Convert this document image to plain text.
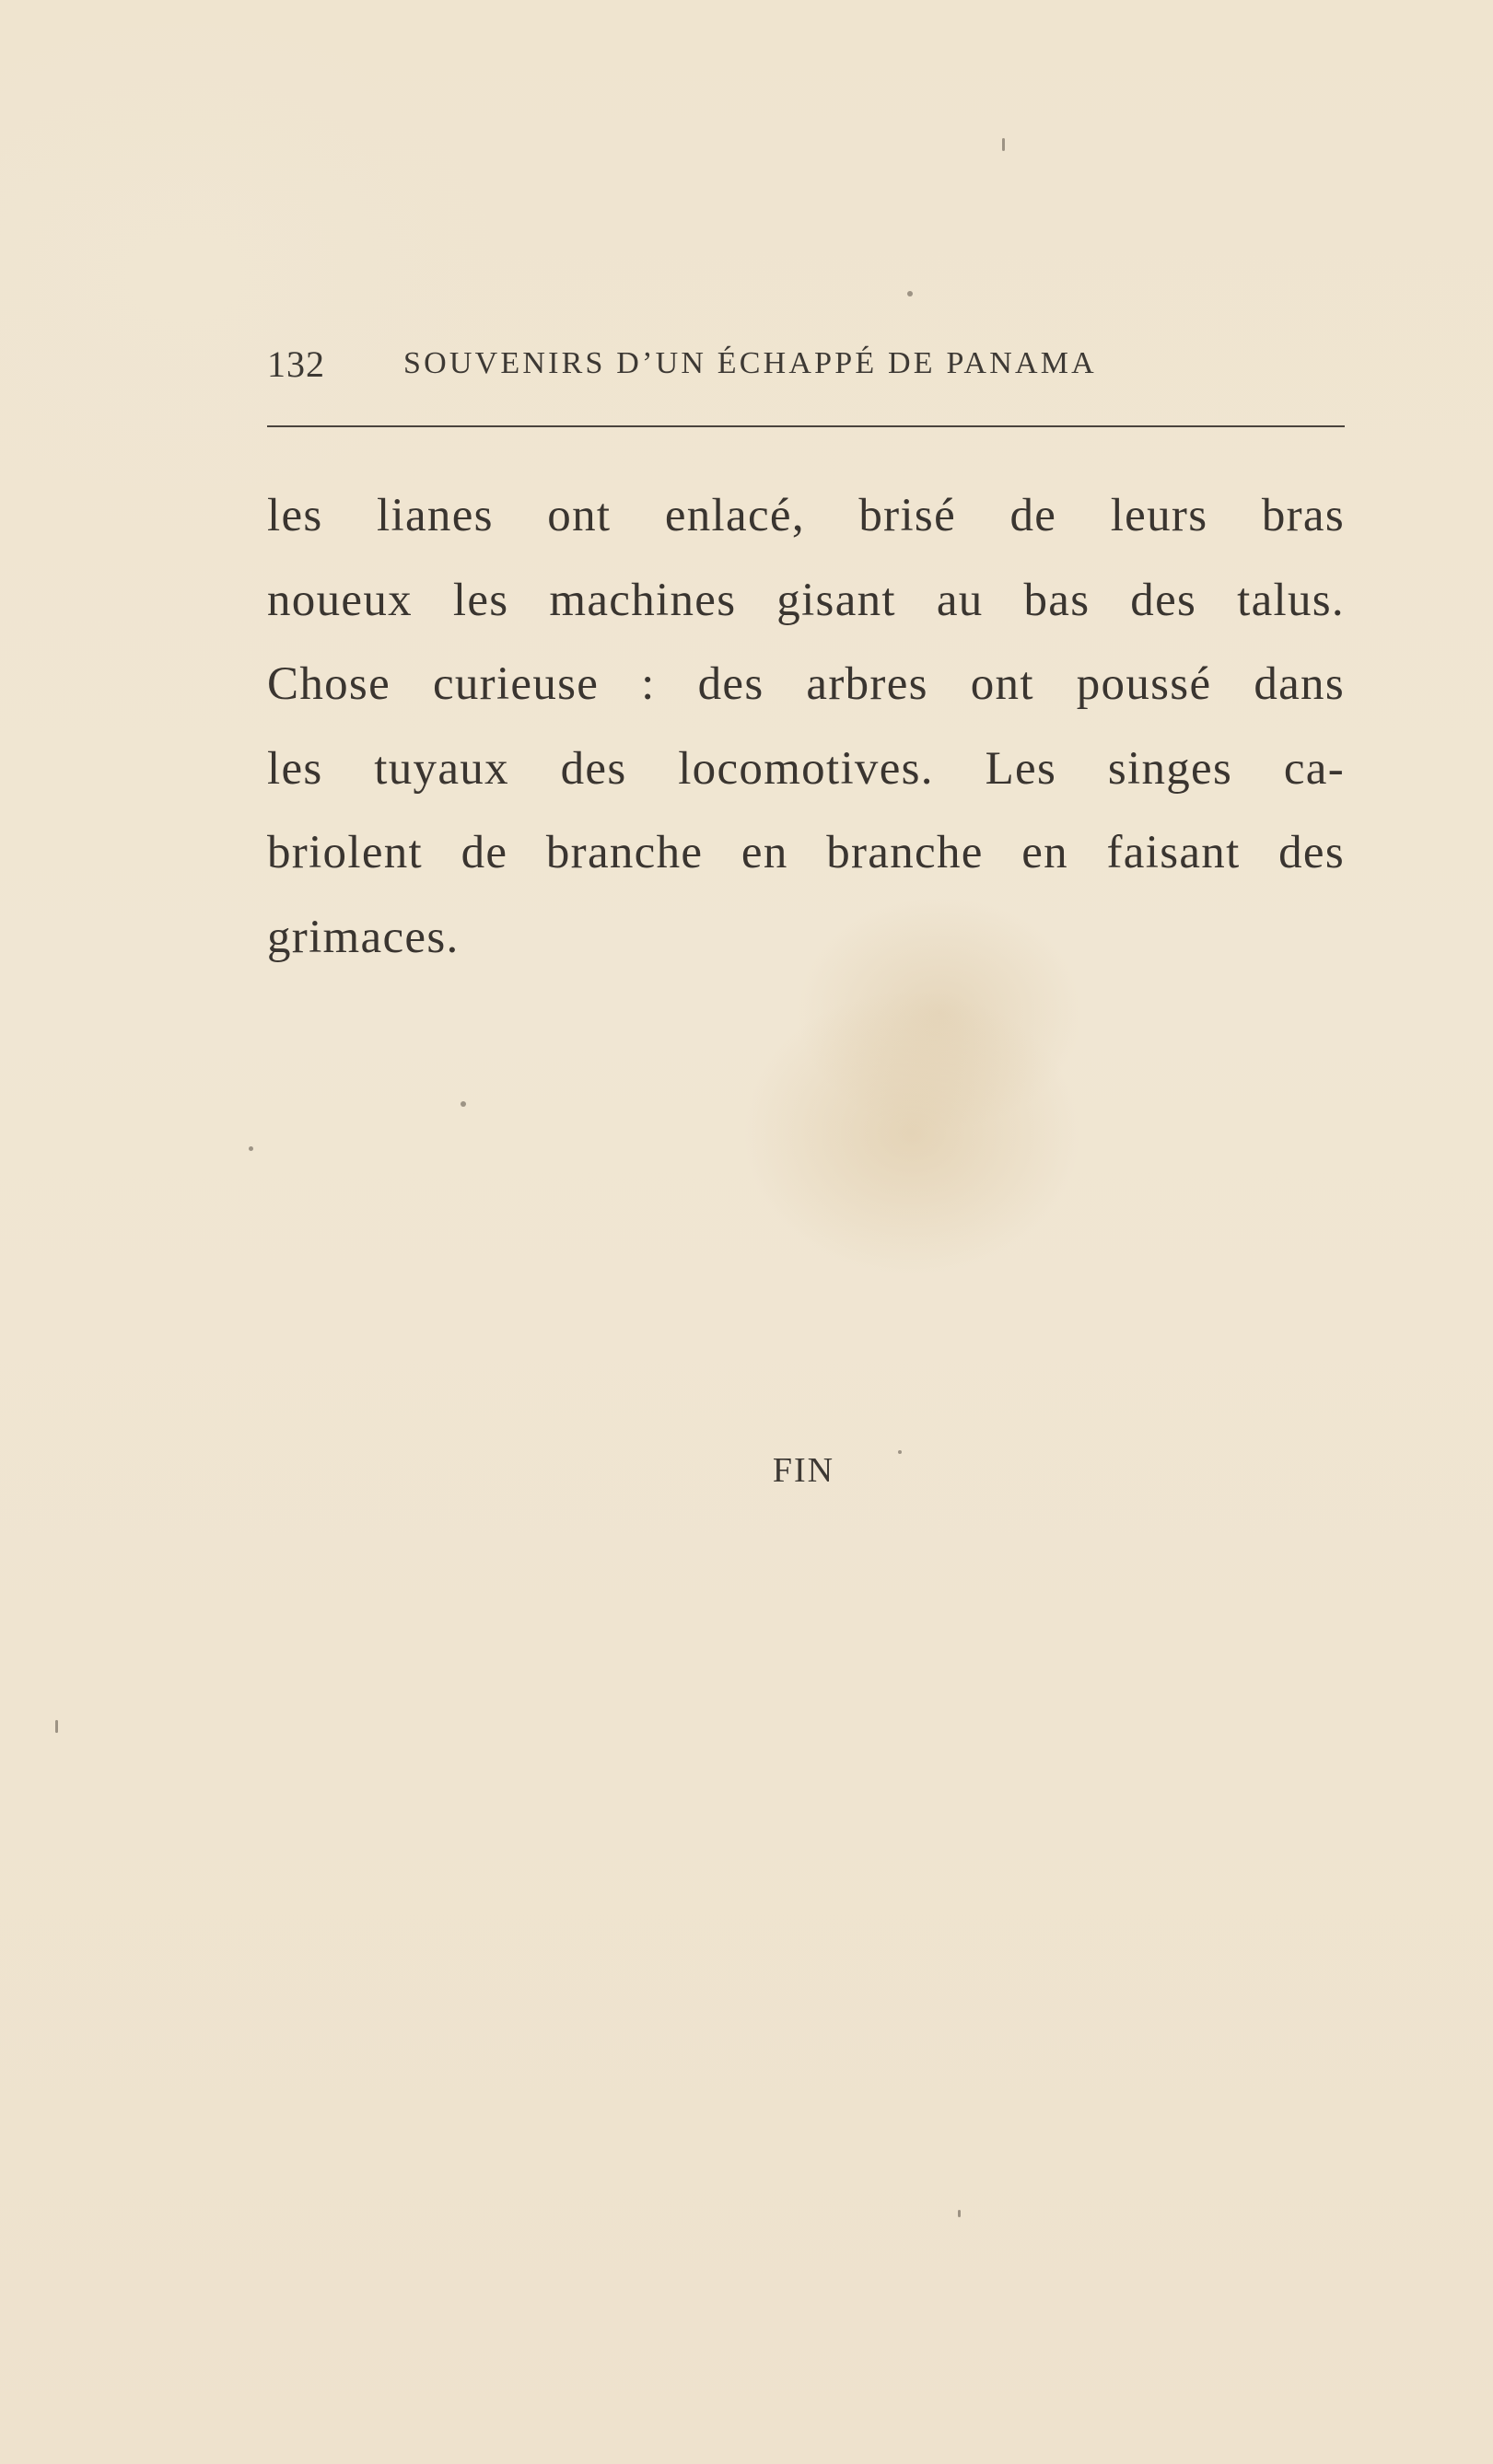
132	SOUVENIRS D’UN ÉCHAPPÉ DE PANAMA
les lianes ont enlacé, brisé de leurs bras
noueux les machines gisant au bas des talus.
Chose curieuse : des arbres ont poussé dans
les tuyaux des locomotives. Les singes ca-
briolent de branche en branche en faisant des
grimaces.
FIN
